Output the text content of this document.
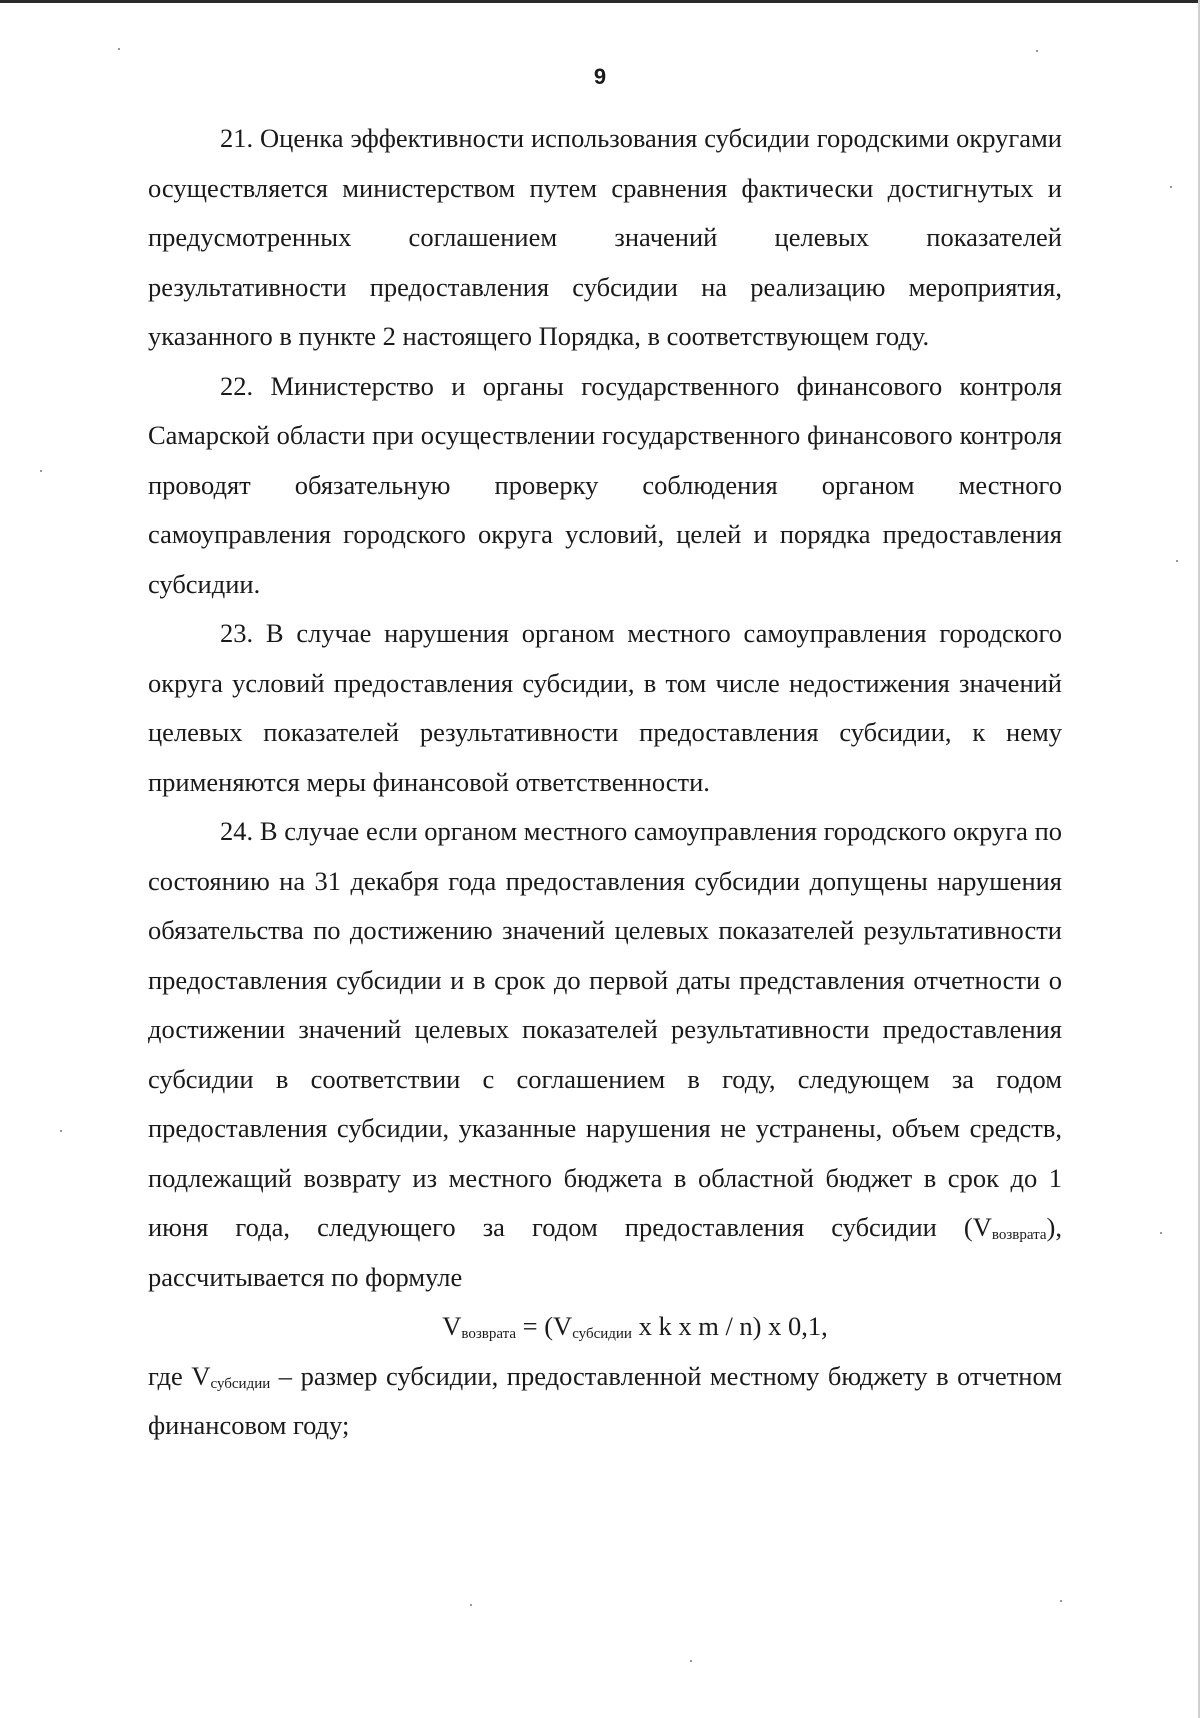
9

21. Оценка эффективности использования субсидии городскими округами осуществляется министерством путем сравнения фактически достигнутых и предусмотренных соглашением значений целевых показателей результативности предоставления субсидии на реализацию мероприятия, указанного в пункте 2 настоящего Порядка, в соответствующем году.

22. Министерство и органы государственного финансового контроля Самарской области при осуществлении государственного финансового контроля проводят обязательную проверку соблюдения органом местного самоуправления городского округа условий, целей и порядка предоставления субсидии.

23. В случае нарушения органом местного самоуправления городского округа условий предоставления субсидии, в том числе недостижения значений целевых показателей результативности предоставления субсидии, к нему применяются меры финансовой ответственности.

24. В случае если органом местного самоуправления городского округа по состоянию на 31 декабря года предоставления субсидии допущены нарушения обязательства по достижению значений целевых показателей результативности предоставления субсидии и в срок до первой даты представления отчетности о достижении значений целевых показателей результативности предоставления субсидии в соответствии с соглашением в году, следующем за годом предоставления субсидии, указанные нарушения не устранены, объем средств, подлежащий возврату из местного бюджета в областной бюджет в срок до 1 июня года, следующего за годом предоставления субсидии $(V_{возврата})$, рассчитывается по формуле

$V_{возврата} = (V_{субсидии}$ x k x m / n) x 0,1,

где $V_{субсидии}$ – размер субсидии, предоставленной местному бюджету в отчетном финансовом году;
